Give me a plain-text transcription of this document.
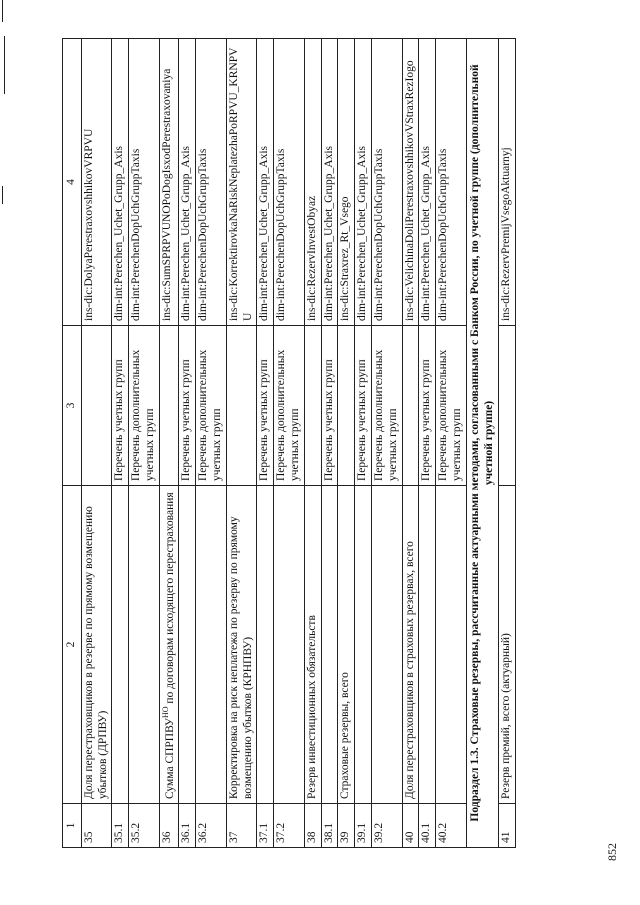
852
1	2	3	4
35	Доля перестраховщиков в резерве по прямому возмещению убытков (ДРПВУ)		ins-dic:DolyaPerestraxovshhikovVRPVU
35.1		Перечень учетных групп	dim-int:Perechen_Uchet_Grupp_Axis
35.2		Перечень дополнительных учетных групп	dim-int:PerechenDopUchGruppTaxis
36	Сумма $СПРПВУ^{НО}$ по договорам исходящего перестрахования		ins-dic:SumSPRPVUNOPoDogIsxodPerestraxovaniya
36.1		Перечень учетных групп	dim-int:Perechen_Uchet_Grupp_Axis
36.2		Перечень дополнительных учетных групп	dim-int:PerechenDopUchGruppTaxis
37	Корректировка на риск неплатежа по резерву по прямому возмещению убытков (КРНПВУ)		ins-dic:KorrektirovkaNaRiskNeplatezhaPoRPVU_KRNPVU
37.1		Перечень учетных групп	dim-int:Perechen_Uchet_Grupp_Axis
37.2		Перечень дополнительных учетных групп	dim-int:PerechenDopUchGruppTaxis
38	Резерв инвестиционных обязательств		ins-dic:RezervInvestObyaz
38.1		Перечень учетных групп	dim-int:Perechen_Uchet_Grupp_Axis
39	Страховые резервы, всего		ins-dic:Straxrez_Rt_Vsego
39.1		Перечень учетных групп	dim-int:Perechen_Uchet_Grupp_Axis
39.2		Перечень дополнительных учетных групп	dim-int:PerechenDopUchGruppTaxis
40	Доля перестраховщиков в страховых резервах, всего		ins-dic:VelichinaDoliPerestraxovshhikovVStraxRezIogo
40.1		Перечень учетных групп	dim-int:Perechen_Uchet_Grupp_Axis
40.2		Перечень дополнительных учетных групп	dim-int:PerechenDopUchGruppTaxis
Подраздел 1.3. Страховые резервы, рассчитанные актуарными методами, согласованными с Банком России, по учетной группе (дополнительной учетной группе)			
41	Резерв премий, всего (актуарный)		ins-dic:RezervPremijVsegoAktuarnyj
